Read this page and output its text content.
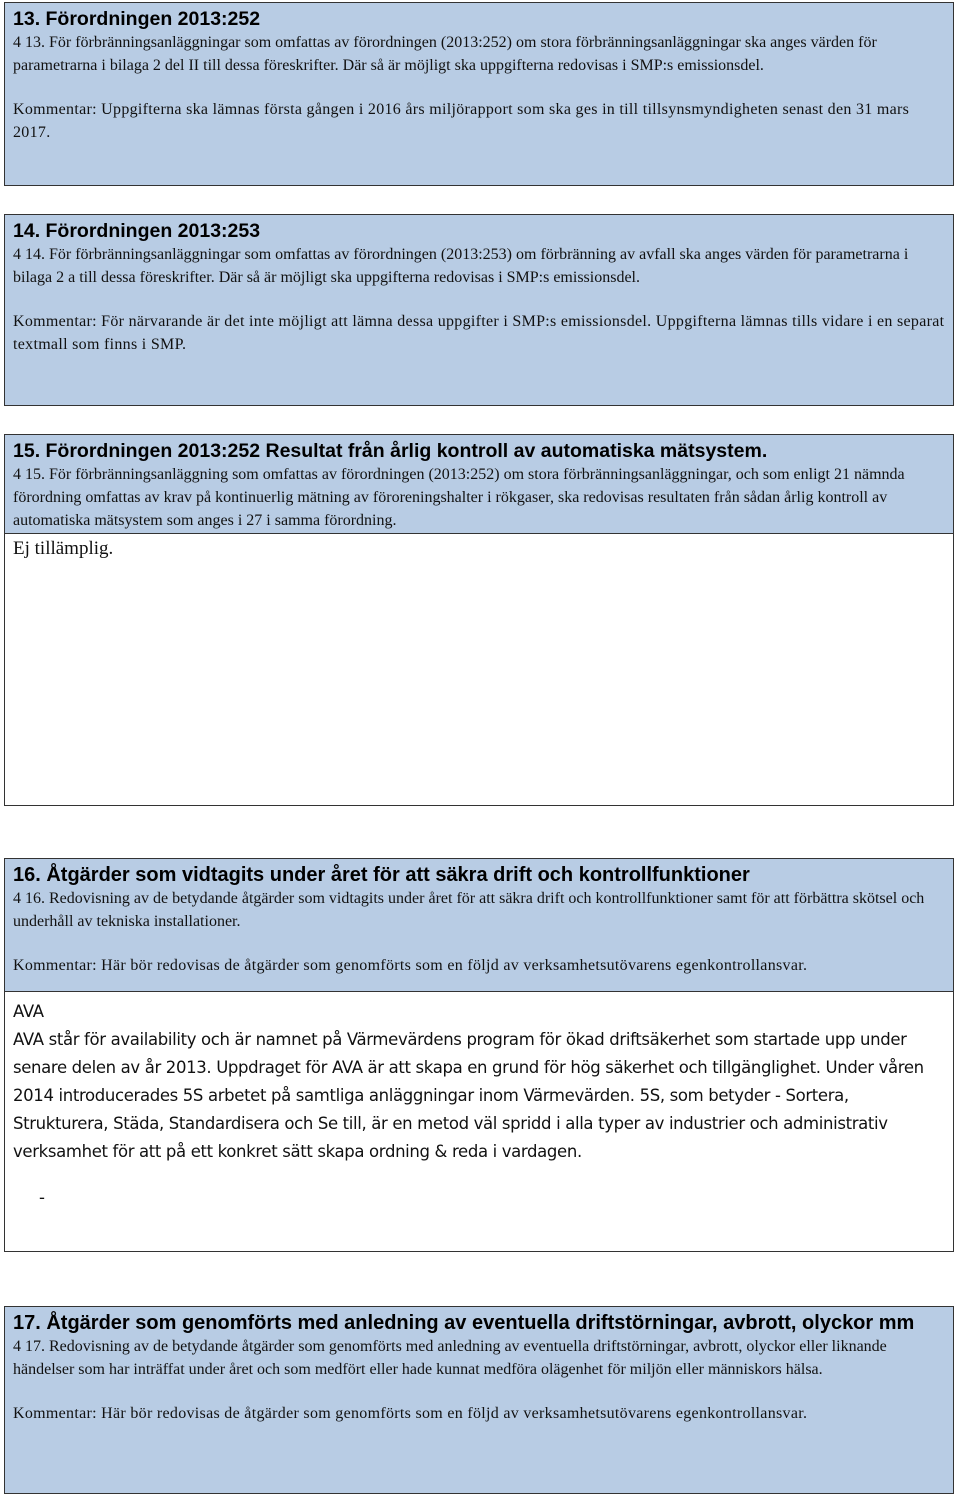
13. Förordningen 2013:252

4 13. För förbränningsanläggningar som omfattas av förordningen (2013:252) om stora förbränningsanläggningar ska anges värden för parametrarna i bilaga 2 del II till dessa föreskrifter. Där så är möjligt ska uppgifterna redovisas i SMP:s emissionsdel.

Kommentar: Uppgifterna ska lämnas första gången i 2016 års miljörapport som ska ges in till tillsynsmyndigheten senast den 31 mars 2017.

14. Förordningen 2013:253

4 14. För förbränningsanläggningar som omfattas av förordningen (2013:253) om förbränning av avfall ska anges värden för parametrarna i bilaga 2 a till dessa föreskrifter. Där så är möjligt ska uppgifterna redovisas i SMP:s emissionsdel.

Kommentar: För närvarande är det inte möjligt att lämna dessa uppgifter i SMP:s emissionsdel. Uppgifterna lämnas tills vidare i en separat textmall som finns i SMP.

15. Förordningen 2013:252 Resultat från årlig kontroll av automatiska mätsystem.

4 15. För förbränningsanläggning som omfattas av förordningen (2013:252) om stora förbränningsanläggningar, och som enligt 21 nämnda förordning omfattas av krav på kontinuerlig mätning av föroreningshalter i rökgaser, ska redovisas resultaten från sådan årlig kontroll av automatiska mätsystem som anges i 27 i samma förordning.

Ej tillämplig.

16. Åtgärder som vidtagits under året för att säkra drift och kontrollfunktioner

4 16. Redovisning av de betydande åtgärder som vidtagits under året för att säkra drift och kontrollfunktioner samt för att förbättra skötsel och underhåll av tekniska installationer.

Kommentar: Här bör redovisas de åtgärder som genomförts som en följd av verksamhetsutövarens egenkontrollansvar.

AVA

AVA står för availability och är namnet på Värmevärdens program för ökad driftsäkerhet som startade upp under senare delen av år 2013. Uppdraget för AVA är att skapa en grund för hög säkerhet och tillgänglighet. Under våren 2014 introducerades 5S arbetet på samtliga anläggningar inom Värmevärden. 5S, som betyder - Sortera, Strukturera, Städa, Standardisera och Se till, är en metod väl spridd i alla typer av industrier och administrativ verksamhet för att på ett konkret sätt skapa ordning & reda i vardagen.

-

17. Åtgärder som genomförts med anledning av eventuella driftstörningar, avbrott, olyckor mm

4 17. Redovisning av de betydande åtgärder som genomförts med anledning av eventuella driftstörningar, avbrott, olyckor eller liknande händelser som har inträffat under året och som medfört eller hade kunnat medföra olägenhet för miljön eller människors hälsa.

Kommentar: Här bör redovisas de åtgärder som genomförts som en följd av verksamhetsutövarens egenkontrollansvar.
